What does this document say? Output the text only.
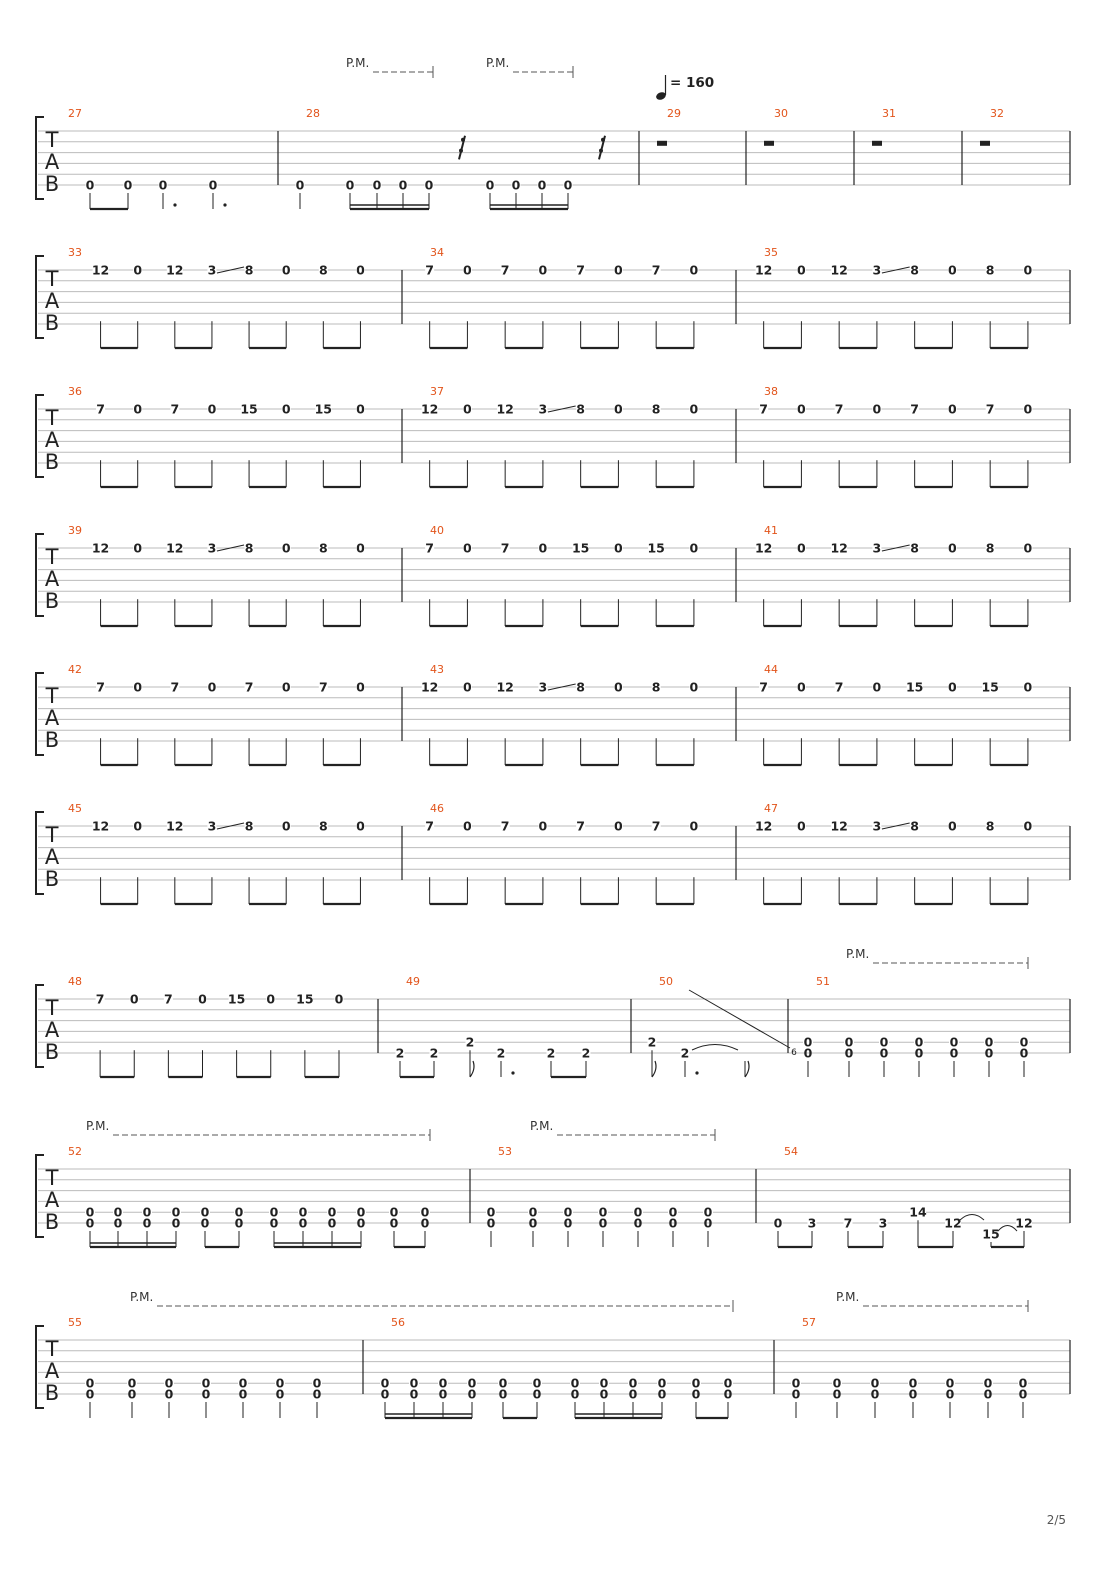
T
A
B
27
0 0 0	0
28
0	0 0 0 0	0 0 0 0
29	30	31	32
T
A
B
33
12 0 12 3 8 0 8 0
34
7 0 7 0 7 0 7 0
35
12 0 12 3 8 0 8 0
T
A
B
36
7 0 7 0 15 0 15 0
37
12 0 12 3 8 0 8 0
38
7 0 7 0 7 0 7 0
T
A
B
39
12 0 12 3 8 0 8 0
40
7 0 7 0 15 0 15 0
41
12 0 12 3 8 0 8 0
T
A
B
42
7 0 7 0 7 0 7 0
43
12 0 12 3 8 0 8 0
44
7 0 7 0 15 0 15 0
T
A
B
45
12 0 12 3 8 0 8 0
46
7 0 7 0 7 0 7 0
47
12 0 12 3 8 0 8 0
T
A
B
48
7 0 7 0 15 0 15 0
49
2 2
2
2	2 2
50
2
2	6
51
0
0
0
0
0
0
0
0
0
0
0
0
0
0
T
A
B
52
0
0
0
0
0
0
0
0
0
0
0
0
0
0
0
0
0
0
0
0
0
0
0
0
53
0
0
0
0
0
0
0
0
0
0
0
0
0
0
54
0 3 7 3
14
12
15
12
T
A
B
55
0
0
0
0
0
0
0
0
0
0
0
0
0
0
56
0
0
0
0
0
0
0
0
0
0
0
0
0
0
0
0
0
0
0
0
0
0
0
0
57
0
0
0
0
0
0
0
0
0
0
0
0
0
0
P.M.	P.M.
P.M.
P.M.	P.M.
P.M.	P.M.
= 160
2/5
